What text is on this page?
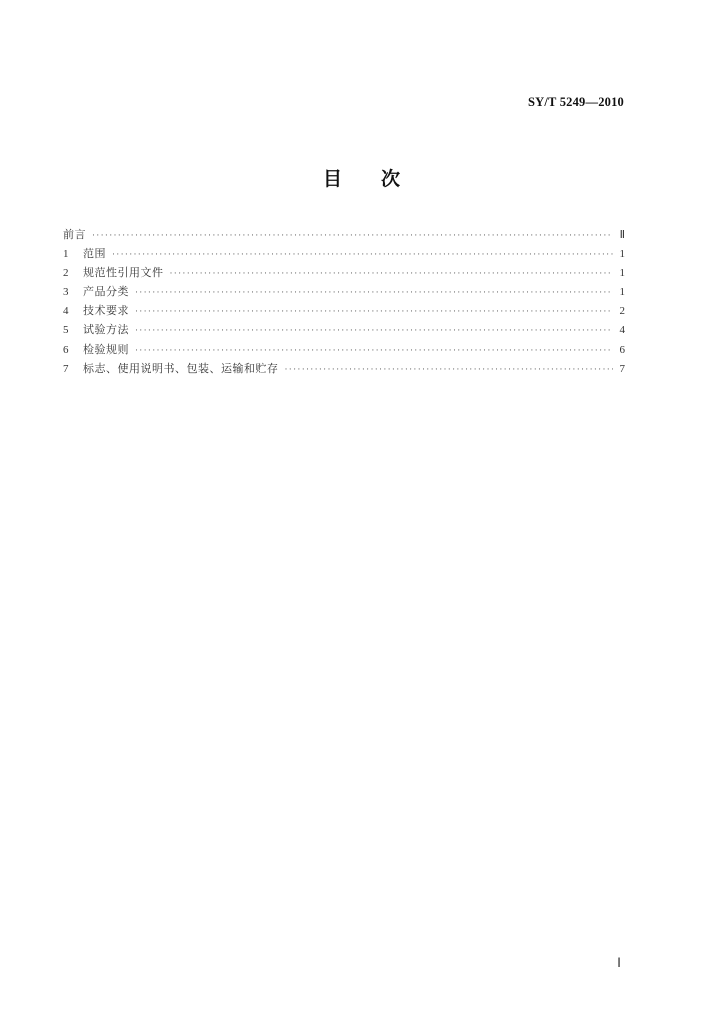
SY/T 5249—2010
目 次
前言 ·····	Ⅱ
1	范围 ·····	1
2	规范性引用文件 ·····	1
3	产品分类 ·····	1
4	技术要求 ·····	2
5	试验方法 ·····	4
6	检验规则 ·····	6
7	标志、使用说明书、包装、运输和贮存 ·····	7
Ⅰ
